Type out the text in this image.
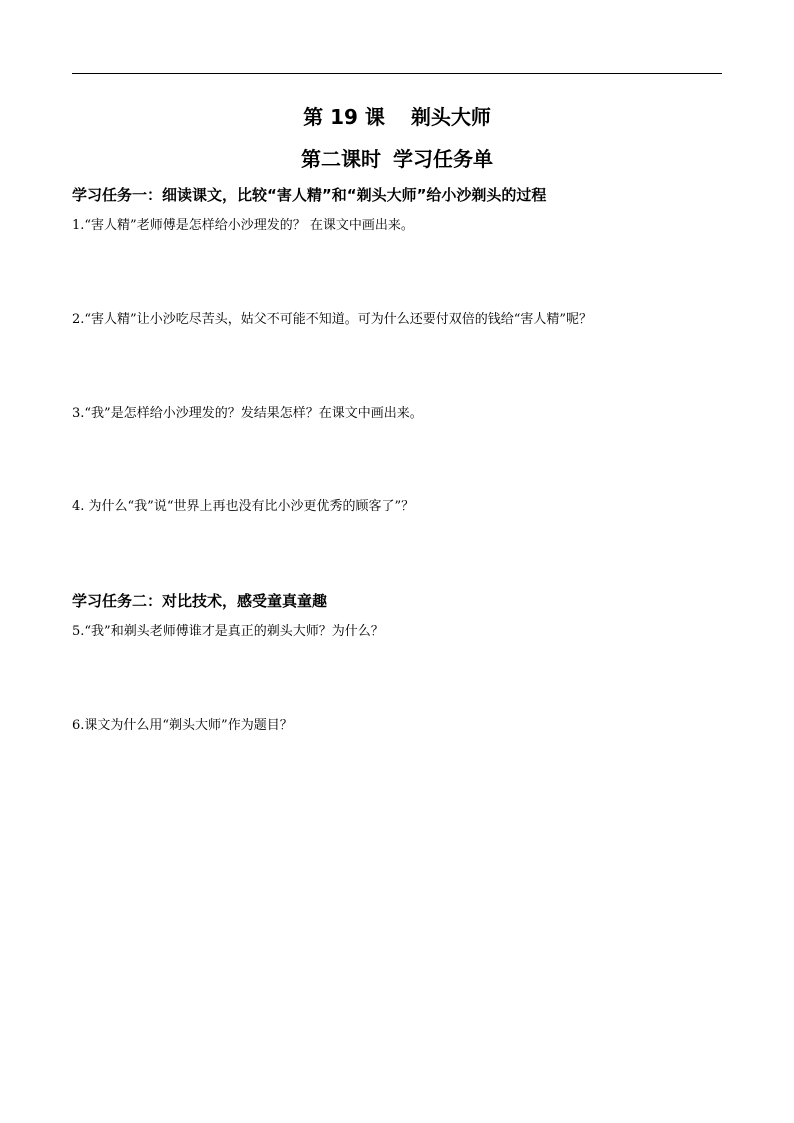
第 19 课 剃头大师
第二课时 学习任务单
学习任务一：细读课文，比较“害人精”和“剃头大师”给小沙剃头的过程
1.“害人精”老师傅是怎样给小沙理发的？ 在课文中画出来。
2.“害人精”让小沙吃尽苦头，姑父不可能不知道。可为什么还要付双倍的钱给“害人精”呢？
3.“我”是怎样给小沙理发的？发结果怎样？在课文中画出来。
4. 为什么“我”说“世界上再也没有比小沙更优秀的顾客了”？
学习任务二：对比技术，感受童真童趣
5.“我”和剃头老师傅谁才是真正的剃头大师？为什么？
6.课文为什么用“剃头大师”作为题目？
